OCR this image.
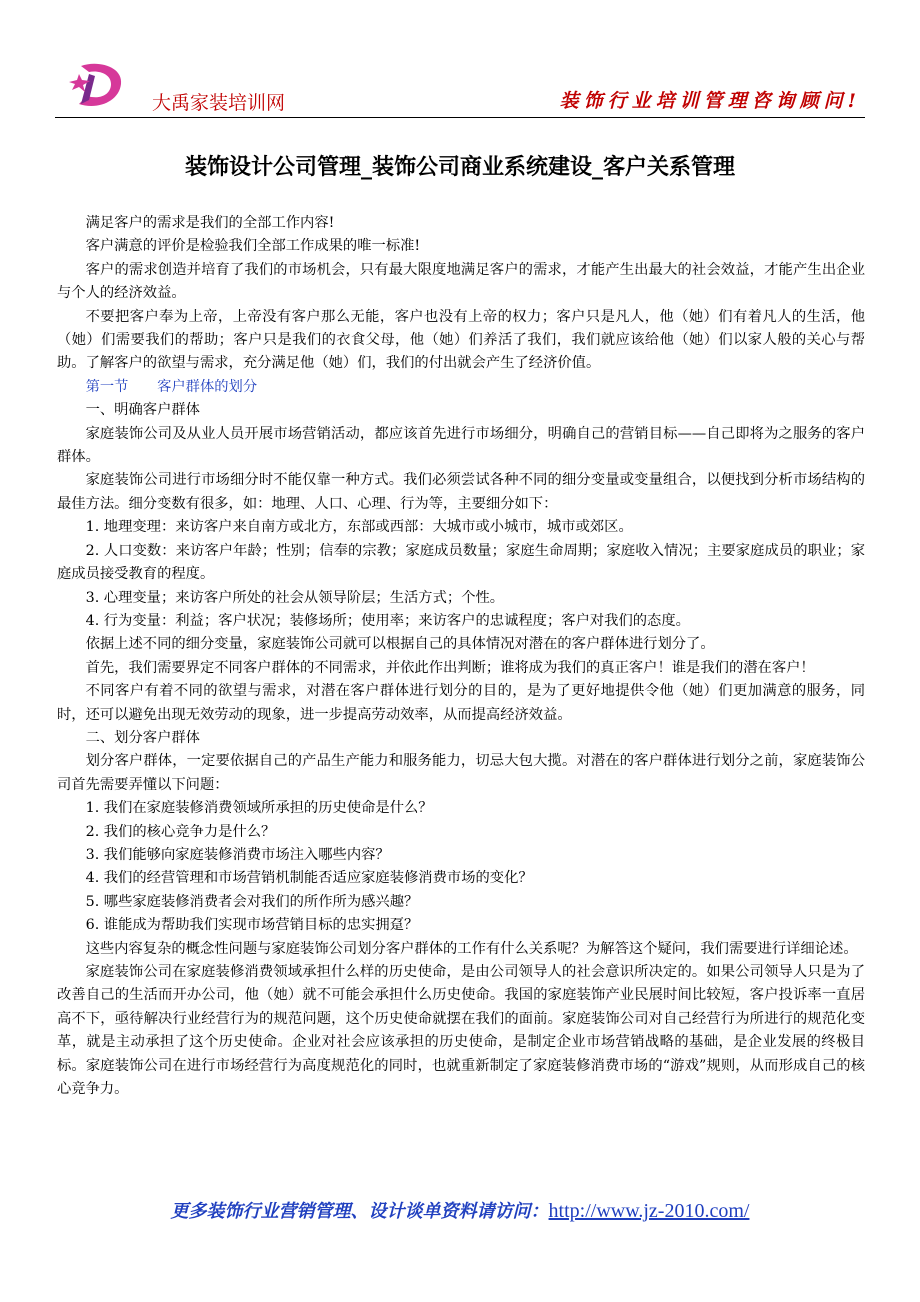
大禹家装培训网	装饰行业培训管理咨询顾问!
装饰设计公司管理_装饰公司商业系统建设_客户关系管理

满足客户的需求是我们的全部工作内容!

客户满意的评价是检验我们全部工作成果的唯一标准!

客户的需求创造并培育了我们的市场机会，只有最大限度地满足客户的需求，才能产生出最大的社会效益，才能产生出企业与个人的经济效益。

不要把客户奉为上帝，上帝没有客户那么无能，客户也没有上帝的权力；客户只是凡人，他（她）们有着凡人的生活，他（她）们需要我们的帮助；客户只是我们的衣食父母，他（她）们养活了我们，我们就应该给他（她）们以家人般的关心与帮助。了解客户的欲望与需求，充分满足他（她）们，我们的付出就会产生了经济价值。

第一节　　客户群体的划分

一、明确客户群体

家庭装饰公司及从业人员开展市场营销活动，都应该首先进行市场细分，明确自己的营销目标——自己即将为之服务的客户群体。

家庭装饰公司进行市场细分时不能仅靠一种方式。我们必须尝试各种不同的细分变量或变量组合，以便找到分析市场结构的最佳方法。细分变数有很多，如：地理、人口、心理、行为等，主要细分如下：

1. 地理变理：来访客户来自南方或北方，东部或西部：大城市或小城市，城市或郊区。

2. 人口变数：来访客户年龄；性别；信奉的宗教；家庭成员数量；家庭生命周期；家庭收入情况；主要家庭成员的职业；家庭成员接受教育的程度。

3. 心理变量；来访客户所处的社会从领导阶层；生活方式；个性。

4. 行为变量：利益；客户状况；装修场所；使用率；来访客户的忠诚程度；客户对我们的态度。

依据上述不同的细分变量，家庭装饰公司就可以根据自己的具体情况对潜在的客户群体进行划分了。

首先，我们需要界定不同客户群体的不同需求，并依此作出判断；谁将成为我们的真正客户！谁是我们的潜在客户！

不同客户有着不同的欲望与需求，对潜在客户群体进行划分的目的，是为了更好地提供令他（她）们更加满意的服务，同时，还可以避免出现无效劳动的现象，进一步提高劳动效率，从而提高经济效益。

二、划分客户群体

划分客户群体，一定要依据自己的产品生产能力和服务能力，切忌大包大揽。对潜在的客户群体进行划分之前，家庭装饰公司首先需要弄懂以下问题：

1. 我们在家庭装修消费领域所承担的历史使命是什么？

2. 我们的核心竞争力是什么？

3. 我们能够向家庭装修消费市场注入哪些内容？

4. 我们的经营管理和市场营销机制能否适应家庭装修消费市场的变化？

5. 哪些家庭装修消费者会对我们的所作所为感兴趣？

6. 谁能成为帮助我们实现市场营销目标的忠实拥趸？

这些内容复杂的概念性问题与家庭装饰公司划分客户群体的工作有什么关系呢？为解答这个疑问，我们需要进行详细论述。

家庭装饰公司在家庭装修消费领域承担什么样的历史使命，是由公司领导人的社会意识所决定的。如果公司领导人只是为了改善自己的生活而开办公司，他（她）就不可能会承担什么历史使命。我国的家庭装饰产业民展时间比较短，客户投诉率一直居高不下，亟待解决行业经营行为的规范问题，这个历史使命就摆在我们的面前。家庭装饰公司对自己经营行为所进行的规范化变革，就是主动承担了这个历史使命。企业对社会应该承担的历史使命，是制定企业市场营销战略的基础，是企业发展的终极目标。家庭装饰公司在进行市场经营行为高度规范化的同时，也就重新制定了家庭装修消费市场的“游戏”规则，从而形成自己的核心竞争力。

更多装饰行业营销管理、设计谈单资料请访问：http://www.jz-2010.com/
